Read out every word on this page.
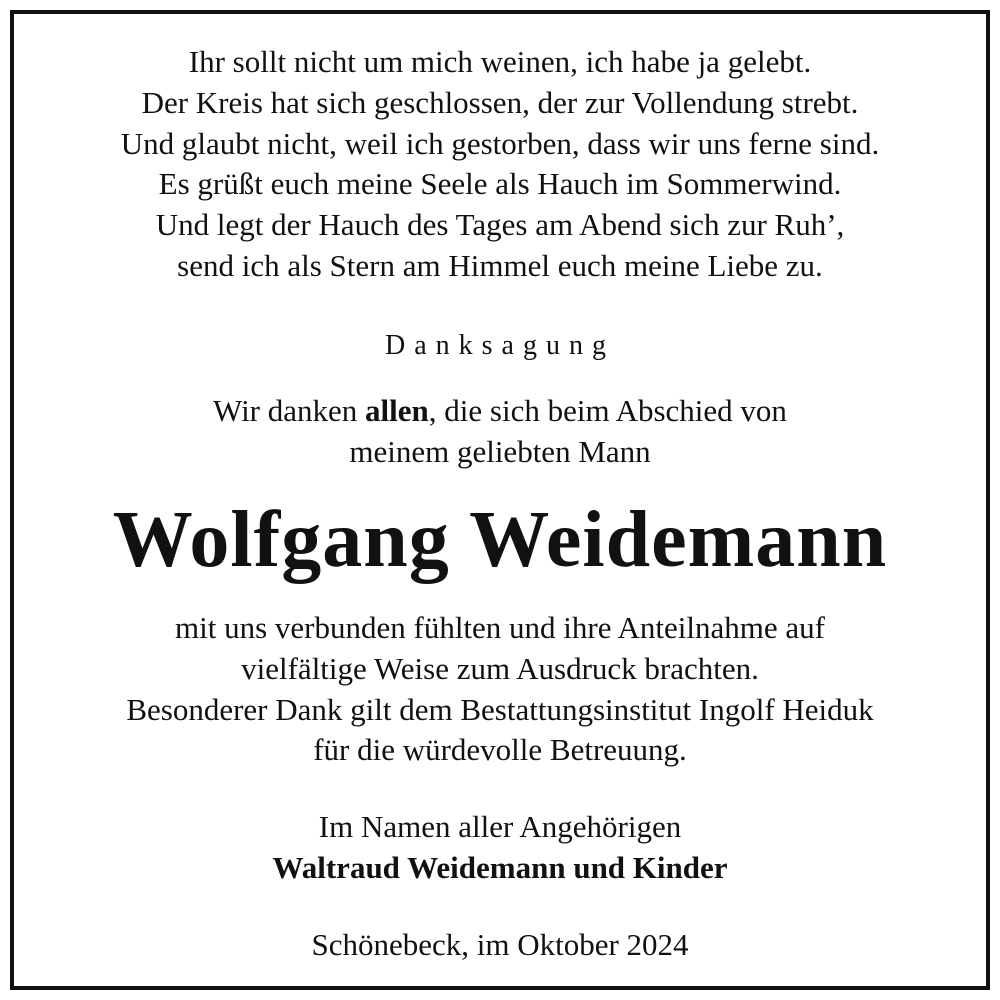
Ihr sollt nicht um mich weinen, ich habe ja gelebt.
Der Kreis hat sich geschlossen, der zur Vollendung strebt.
Und glaubt nicht, weil ich gestorben, dass wir uns ferne sind.
Es grüßt euch meine Seele als Hauch im Sommerwind.
Und legt der Hauch des Tages am Abend sich zur Ruh’,
send ich als Stern am Himmel euch meine Liebe zu.
Danksagung
Wir danken allen, die sich beim Abschied von
meinem geliebten Mann
Wolfgang Weidemann
mit uns verbunden fühlten und ihre Anteilnahme auf
vielfältige Weise zum Ausdruck brachten.
Besonderer Dank gilt dem Bestattungsinstitut Ingolf Heiduk
für die würdevolle Betreuung.
Im Namen aller Angehörigen
Waltraud Weidemann und Kinder
Schönebeck, im Oktober 2024
